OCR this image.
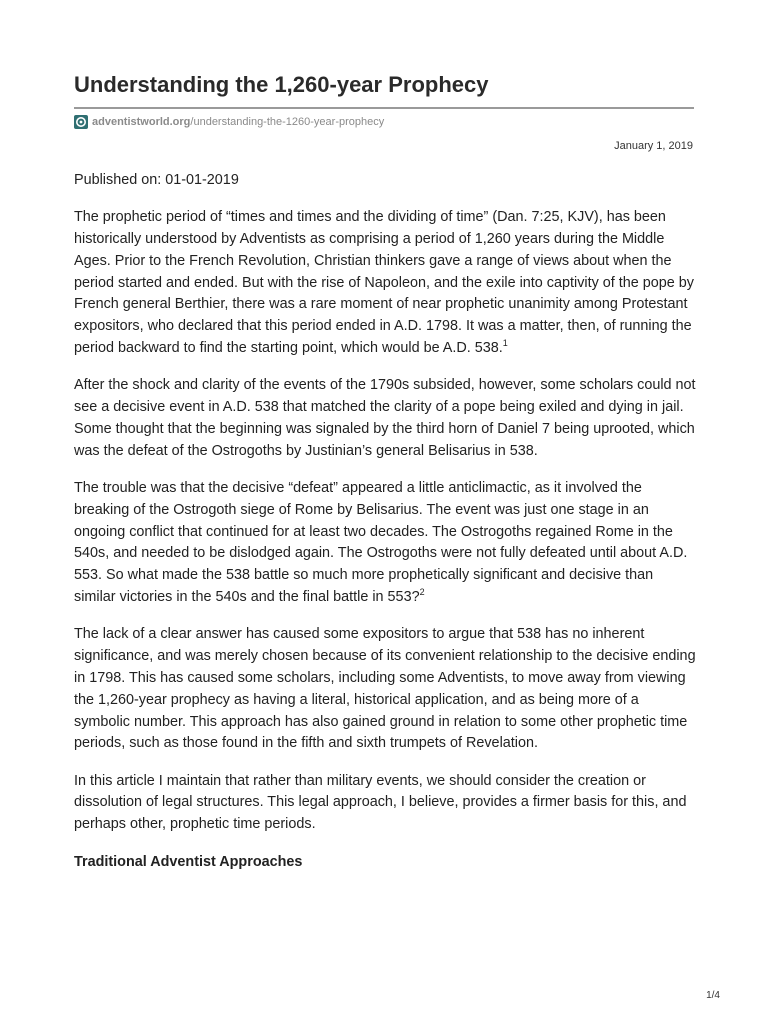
Understanding the 1,260-year Prophecy
adventistworld.org /understanding-the-1260-year-prophecy
January 1, 2019

Published on: 01-01-2019

The prophetic period of “times and times and the dividing of time” (Dan. 7:25, KJV), has been historically understood by Adventists as comprising a period of 1,260 years during the Middle Ages. Prior to the French Revolution, Christian thinkers gave a range of views about when the period started and ended. But with the rise of Napoleon, and the exile into captivity of the pope by French general Berthier, there was a rare moment of near prophetic unanimity among Protestant expositors, who declared that this period ended in A.D. 1798. It was a matter, then, of running the period backward to find the starting point, which would be A.D. 538.$^1$

After the shock and clarity of the events of the 1790s subsided, however, some scholars could not see a decisive event in A.D. 538 that matched the clarity of a pope being exiled and dying in jail. Some thought that the beginning was signaled by the third horn of Daniel 7 being uprooted, which was the defeat of the Ostrogoths by Justinian’s general Belisarius in 538.

The trouble was that the decisive “defeat” appeared a little anticlimactic, as it involved the breaking of the Ostrogoth siege of Rome by Belisarius. The event was just one stage in an ongoing conflict that continued for at least two decades. The Ostrogoths regained Rome in the 540s, and needed to be dislodged again. The Ostrogoths were not fully defeated until about A.D. 553. So what made the 538 battle so much more prophetically significant and decisive than similar victories in the 540s and the final battle in 553?$^2$

The lack of a clear answer has caused some expositors to argue that 538 has no inherent significance, and was merely chosen because of its convenient relationship to the decisive ending in 1798. This has caused some scholars, including some Adventists, to move away from viewing the 1,260-year prophecy as having a literal, historical application, and as being more of a symbolic number. This approach has also gained ground in relation to some other prophetic time periods, such as those found in the fifth and sixth trumpets of Revelation.

In this article I maintain that rather than military events, we should consider the creation or dissolution of legal structures. This legal approach, I believe, provides a firmer basis for this, and perhaps other, prophetic time periods.

Traditional Adventist Approaches
1/4
